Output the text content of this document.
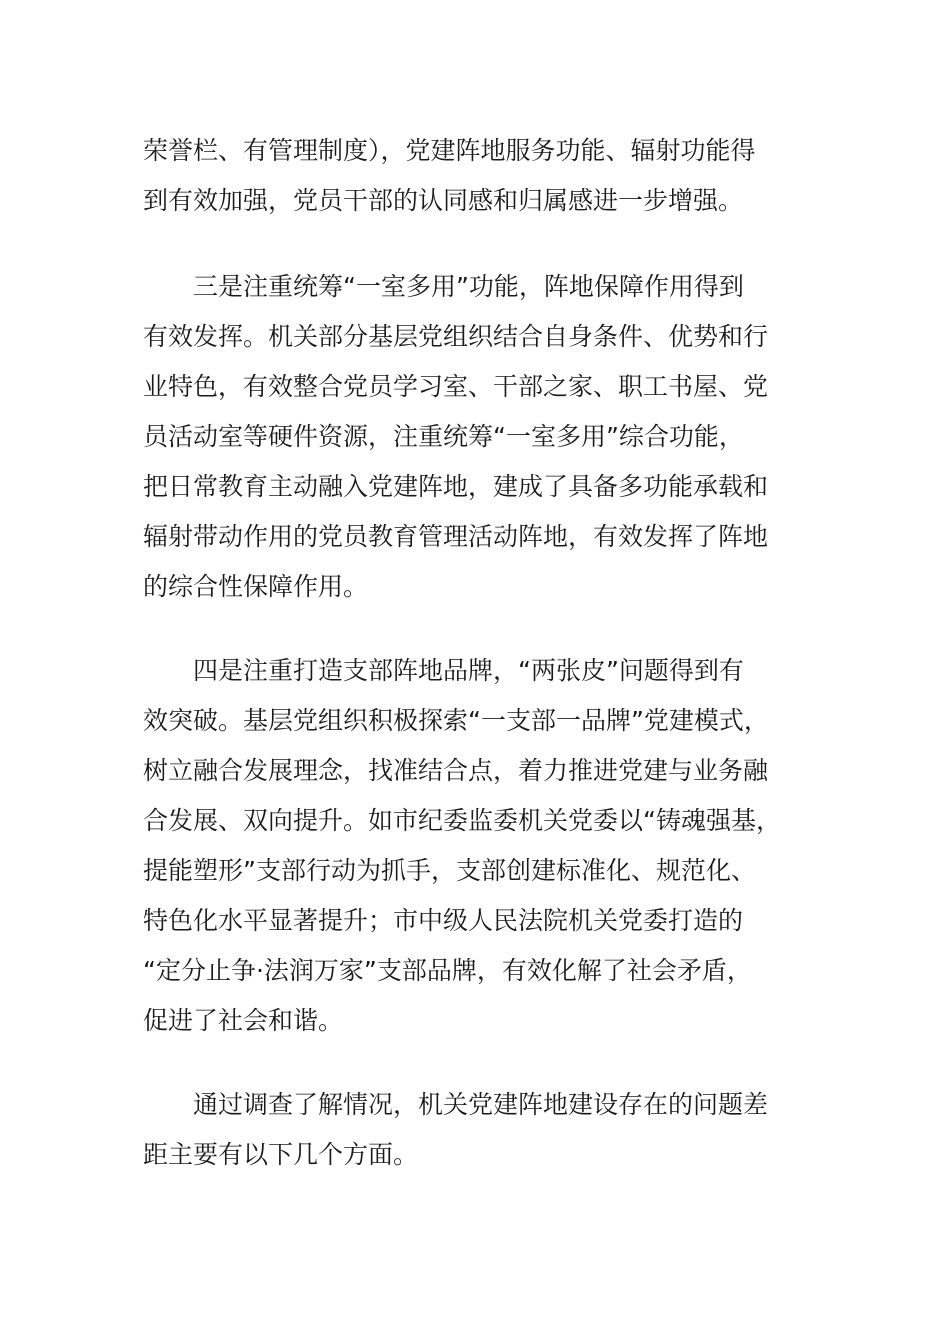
荣誉栏、有管理制度），党建阵地服务功能、辐射功能得
到有效加强，党员干部的认同感和归属感进一步增强。
　　三是注重统筹“一室多用”功能，阵地保障作用得到
有效发挥。机关部分基层党组织结合自身条件、优势和行
业特色，有效整合党员学习室、干部之家、职工书屋、党
员活动室等硬件资源，注重统筹“一室多用”综合功能，
把日常教育主动融入党建阵地，建成了具备多功能承载和
辐射带动作用的党员教育管理活动阵地，有效发挥了阵地
的综合性保障作用。
　　四是注重打造支部阵地品牌，“两张皮”问题得到有
效突破。基层党组织积极探索“一支部一品牌”党建模式，
树立融合发展理念，找准结合点，着力推进党建与业务融
合发展、双向提升。如市纪委监委机关党委以“铸魂强基，
提能塑形”支部行动为抓手，支部创建标准化、规范化、
特色化水平显著提升；市中级人民法院机关党委打造的
“定分止争·法润万家”支部品牌，有效化解了社会矛盾，
促进了社会和谐。
　　通过调查了解情况，机关党建阵地建设存在的问题差
距主要有以下几个方面。
